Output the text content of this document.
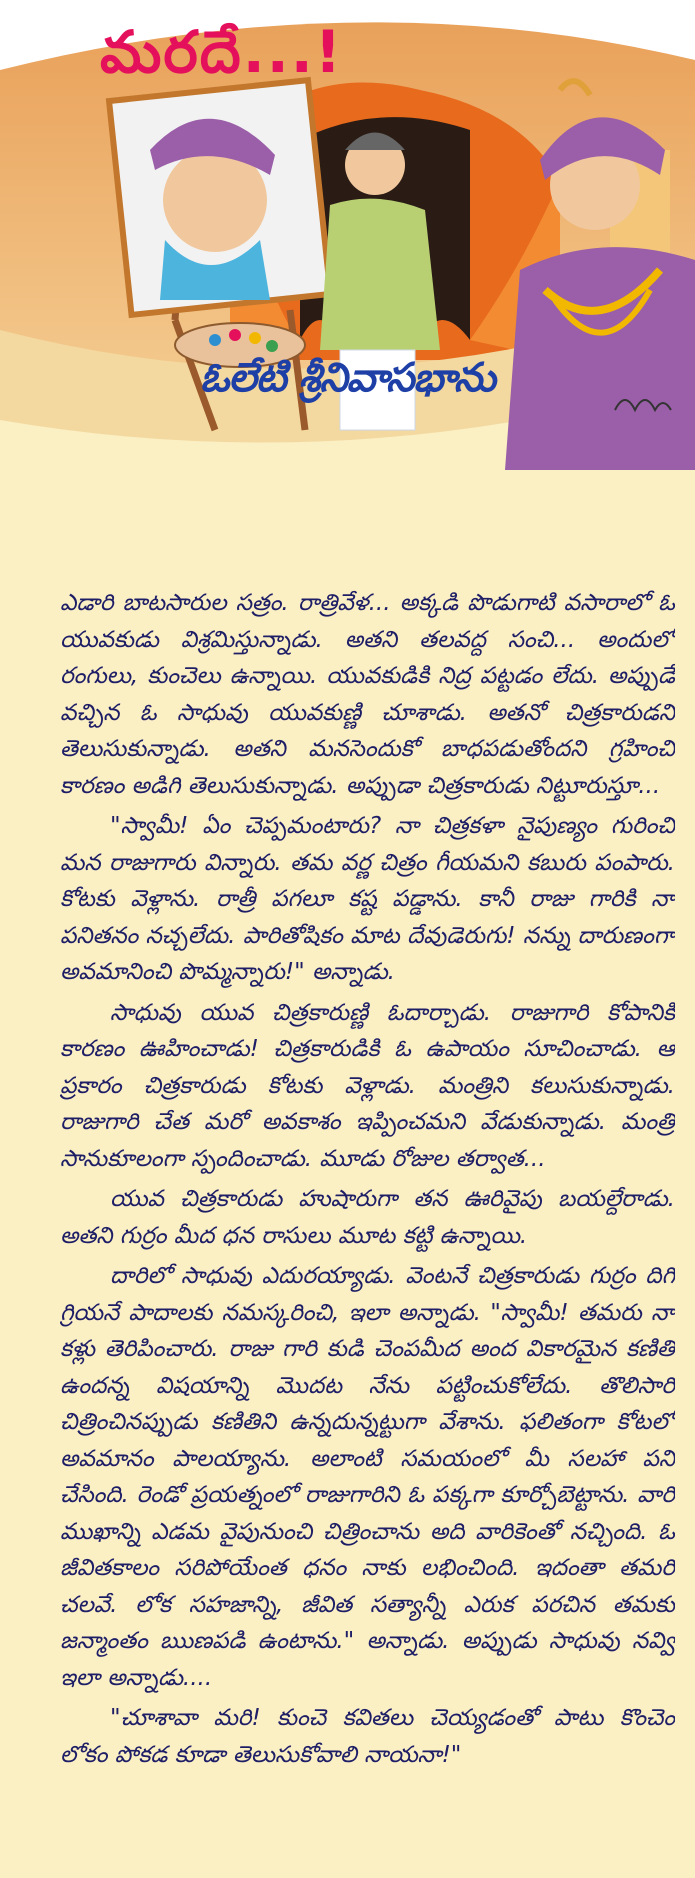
మరదే...!
ఓలేటి శ్రీనివాసభాను

ఎడారి బాటసారుల సత్రం. రాత్రివేళ... అక్కడి పొడుగాటి వసారాలో ఓ యువకుడు విశ్రమిస్తున్నాడు. అతని తలవద్ద సంచి... అందులో రంగులు, కుంచెలు ఉన్నాయి. యువకుడికి నిద్ర పట్టడం లేదు. అప్పుడే వచ్చిన ఓ సాధువు యువకుణ్ణి చూశాడు. అతనో చిత్రకారుడని తెలుసుకున్నాడు. అతని మనసెందుకో బాధపడుతోందని గ్రహించి కారణం అడిగి తెలుసుకున్నాడు. అప్పుడా చిత్రకారుడు నిట్టూరుస్తూ...

"స్వామీ! ఏం చెప్పమంటారు? నా చిత్రకళా నైపుణ్యం గురించి మన రాజుగారు విన్నారు. తమ వర్ణ చిత్రం గీయమని కబురు పంపారు. కోటకు వెళ్లాను. రాత్రీ పగలూ కష్ట పడ్డాను. కానీ రాజు గారికి నా పనితనం నచ్చలేదు. పారితోషికం మాట దేవుడెరుగు! నన్ను దారుణంగా అవమానించి పొమ్మన్నారు!" అన్నాడు.

సాధువు యువ చిత్రకారుణ్ణి ఓదార్చాడు. రాజుగారి కోపానికి కారణం ఊహించాడు! చిత్రకారుడికి ఓ ఉపాయం సూచించాడు. ఆ ప్రకారం చిత్రకారుడు కోటకు వెళ్లాడు. మంత్రిని కలుసుకున్నాడు. రాజుగారి చేత మరో అవకాశం ఇప్పించమని వేడుకున్నాడు. మంత్రి సానుకూలంగా స్పందించాడు. మూడు రోజుల తర్వాత...

యువ చిత్రకారుడు హుషారుగా తన ఊరివైపు బయల్దేరాడు. అతని గుర్రం మీద ధన రాసులు మూట కట్టి ఉన్నాయి.

దారిలో సాధువు ఎదురయ్యాడు. వెంటనే చిత్రకారుడు గుర్రం దిగి గ్రియనే పాదాలకు నమస్కరించి, ఇలా అన్నాడు. "స్వామీ! తమరు నా కళ్లు తెరిపించారు. రాజు గారి కుడి చెంపమీద అంద వికారమైన కణితి ఉందన్న విషయాన్ని మొదట నేను పట్టించుకోలేదు. తొలిసారి చిత్రించినప్పుడు కణితిని ఉన్నదున్నట్టుగా వేశాను. ఫలితంగా కోటలో అవమానం పాలయ్యాను. అలాంటి సమయంలో మీ సలహా పని చేసింది. రెండో ప్రయత్నంలో రాజుగారిని ఓ పక్కగా కూర్చోబెట్టాను. వారి ముఖాన్ని ఎడమ వైపునుంచి చిత్రించాను అది వారికెంతో నచ్చింది. ఓ జీవితకాలం సరిపోయేంత ధనం నాకు లభించింది. ఇదంతా తమరి చలవే. లోక సహజాన్ని, జీవిత సత్యాన్నీ ఎరుక పరచిన తమకు జన్మాంతం ఋణపడి ఉంటాను." అన్నాడు. అప్పుడు సాధువు నవ్వి ఇలా అన్నాడు....

"చూశావా మరి! కుంచె కవితలు చెయ్యడంతో పాటు కొంచెం లోకం పోకడ కూడా తెలుసుకోవాలి నాయనా!"
